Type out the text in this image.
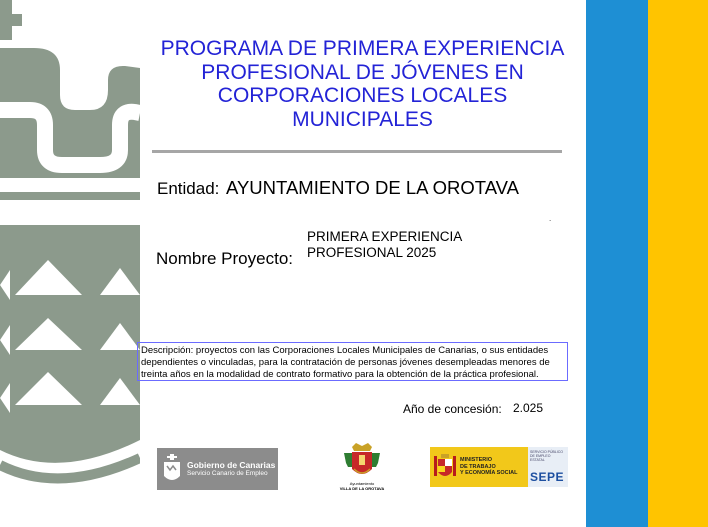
PROGRAMA DE PRIMERA EXPERIENCIA PROFESIONAL DE JÓVENES EN CORPORACIONES LOCALES MUNICIPALES
Entidad: AYUNTAMIENTO DE LA OROTAVA
.
Nombre Proyecto:
PRIMERA EXPERIENCIA PROFESIONAL 2025
Descripción: proyectos con las Corporaciones Locales Municipales de Canarias, o sus entidades dependientes o vinculadas, para la contratación de personas jóvenes desempleadas menores de treinta años en la modalidad de contrato formativo para la obtención de la práctica profesional.
Año de concesión: 2.025
Gobierno de Canarias
Servicio Canario de Empleo
Ayuntamiento
VILLA DE LA OROTAVA
MINISTERIO
DE TRABAJO
Y ECONOMÍA SOCIAL
SERVICIO PÚBLICO DE EMPLEO ESTATAL
SEPE
